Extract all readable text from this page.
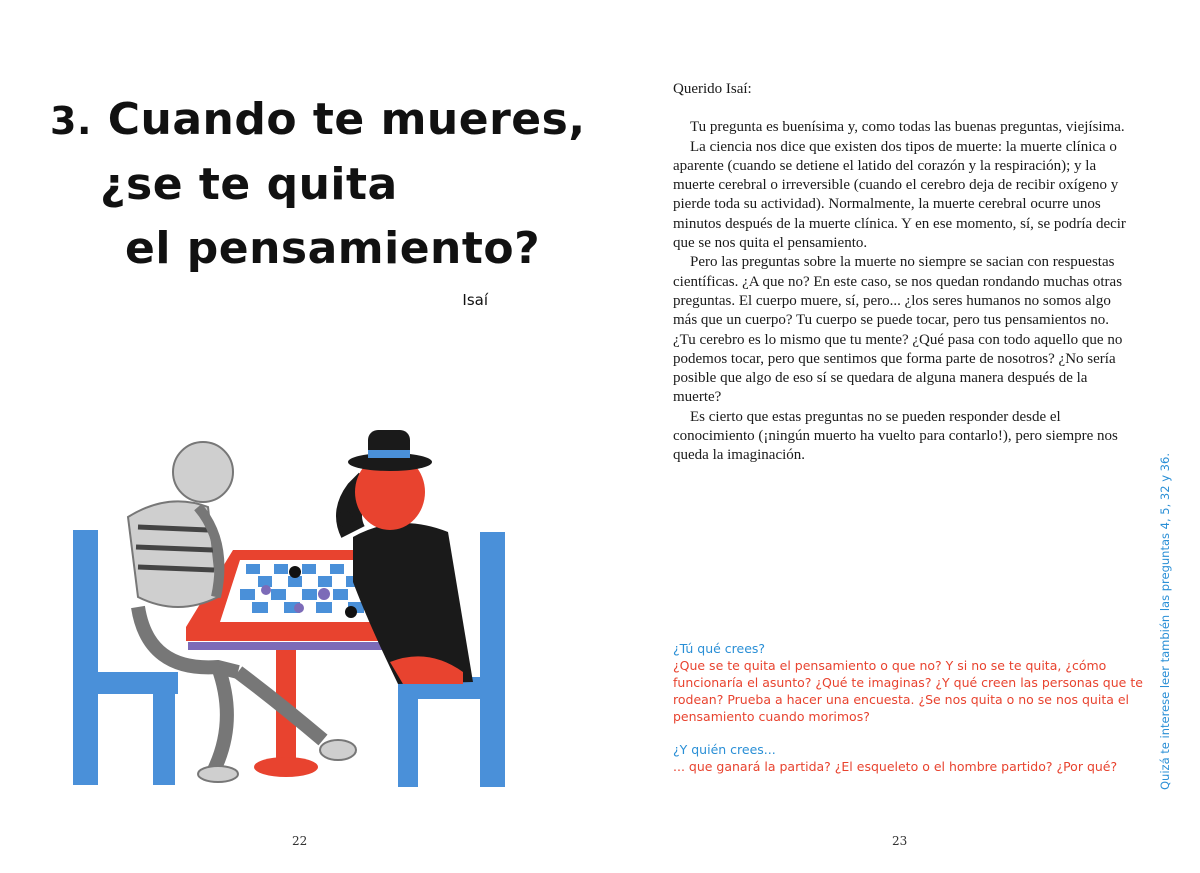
3. Cuando te mueres,
¿se te quita
el pensamiento?
Isaí
22

Querido Isaí:

Tu pregunta es buenísima y, como todas las buenas preguntas, viejísima.

La ciencia nos dice que existen dos tipos de muerte: la muerte clínica o aparente (cuando se detiene el latido del corazón y la respiración); y la muerte cerebral o irreversible (cuando el cerebro deja de recibir oxígeno y pierde toda su actividad). Normalmente, la muerte cerebral ocurre unos minutos después de la muerte clínica. Y en ese momento, sí, se podría decir que se nos quita el pensamiento.

Pero las preguntas sobre la muerte no siempre se sacian con respuestas científicas. ¿A que no? En este caso, se nos quedan rondando muchas otras preguntas. El cuerpo muere, sí, pero... ¿los seres humanos no somos algo más que un cuerpo? Tu cuerpo se puede tocar, pero tus pensamientos no. ¿Tu cerebro es lo mismo que tu mente? ¿Qué pasa con todo aquello que no podemos tocar, pero que sentimos que forma parte de nosotros? ¿No sería posible que algo de eso sí se quedara de alguna manera después de la muerte?

Es cierto que estas preguntas no se pueden responder desde el conocimiento (¡ningún muerto ha vuelto para contarlo!), pero siempre nos queda la imaginación.

¿Tú qué crees?
¿Que se te quita el pensamiento o que no? Y si no se te quita, ¿cómo funcionaría el asunto? ¿Qué te imaginas? ¿Y qué creen las personas que te rodean? Prueba a hacer una encuesta. ¿Se nos quita o no se nos quita el pensamiento cuando morimos?
¿Y quién crees...
... que ganará la partida? ¿El esqueleto o el hombre partido? ¿Por qué?
23
Quizá te interese leer también las preguntas 4, 5, 32 y 36.
